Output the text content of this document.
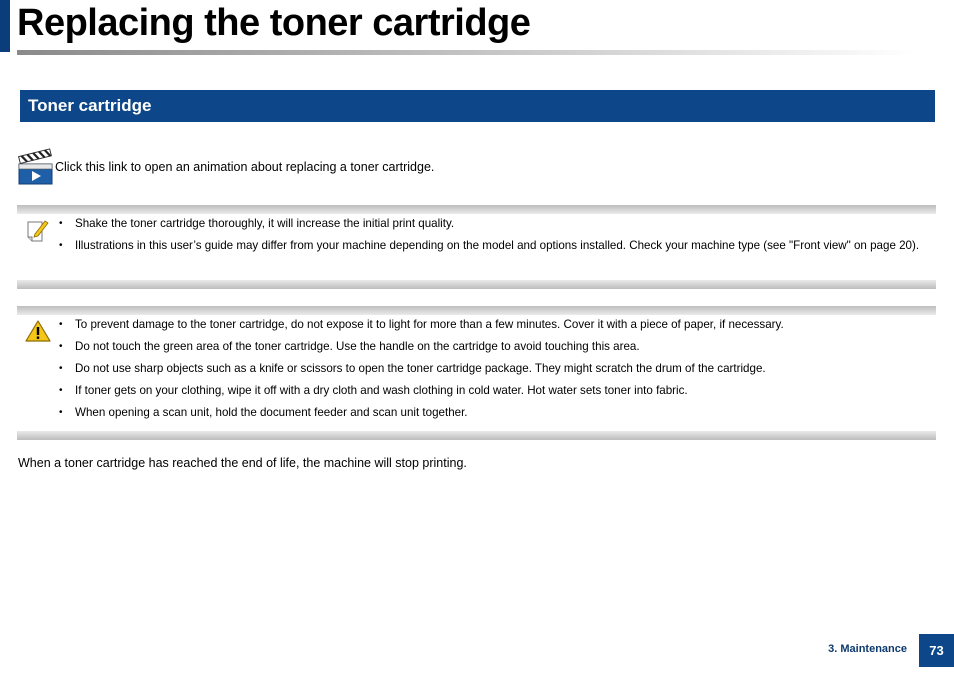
Replacing the toner cartridge
Toner cartridge
Click this link to open an animation about replacing a toner cartridge.
• Shake the toner cartridge thoroughly, it will increase the initial print quality.
• Illustrations in this user’s guide may differ from your machine depending on the model and options installed. Check your machine type (see "Front view" on page 20).
• To prevent damage to the toner cartridge, do not expose it to light for more than a few minutes. Cover it with a piece of paper, if necessary.
• Do not touch the green area of the toner cartridge. Use the handle on the cartridge to avoid touching this area.
• Do not use sharp objects such as a knife or scissors to open the toner cartridge package. They might scratch the drum of the cartridge.
• If toner gets on your clothing, wipe it off with a dry cloth and wash clothing in cold water. Hot water sets toner into fabric.
• When opening a scan unit, hold the document feeder and scan unit together.

When a toner cartridge has reached the end of life, the machine will stop printing.

3. Maintenance	73
